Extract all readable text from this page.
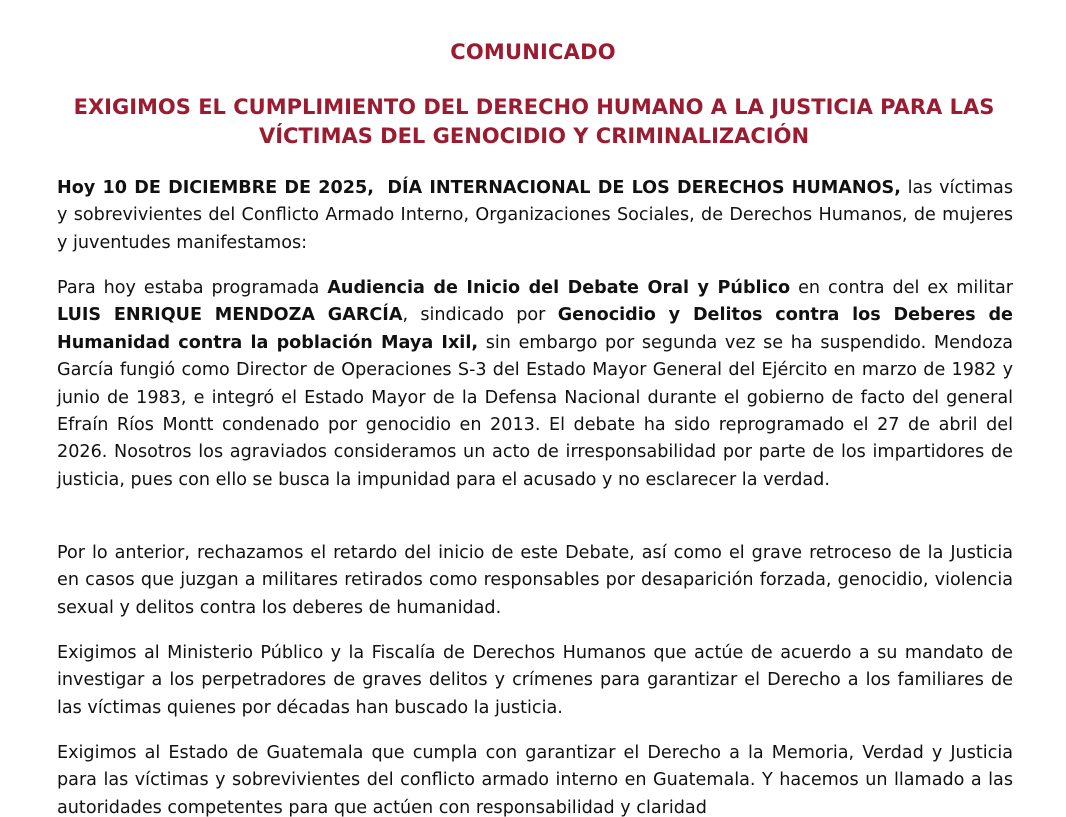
COMUNICADO
EXIGIMOS EL CUMPLIMIENTO DEL DERECHO HUMANO A LA JUSTICIA PARA LAS
VÍCTIMAS DEL GENOCIDIO Y CRIMINALIZACIÓN

Hoy 10 DE DICIEMBRE DE 2025, DÍA INTERNACIONAL DE LOS DERECHOS HUMANOS, las víctimas y sobrevivientes del Conflicto Armado Interno, Organizaciones Sociales, de Derechos Humanos, de mujeres y juventudes manifestamos:

Para hoy estaba programada Audiencia de Inicio del Debate Oral y Público en contra del ex militar LUIS ENRIQUE MENDOZA GARCÍA, sindicado por Genocidio y Delitos contra los Deberes de Humanidad contra la población Maya Ixil, sin embargo por segunda vez se ha suspendido. Mendoza García fungió como Director de Operaciones S-3 del Estado Mayor General del Ejército en marzo de 1982 y junio de 1983, e integró el Estado Mayor de la Defensa Nacional durante el gobierno de facto del general Efraín Ríos Montt condenado por genocidio en 2013. El debate ha sido reprogramado el 27 de abril del 2026. Nosotros los agraviados consideramos un acto de irresponsabilidad por parte de los impartidores de justicia, pues con ello se busca la impunidad para el acusado y no esclarecer la verdad.

Por lo anterior, rechazamos el retardo del inicio de este Debate, así como el grave retroceso de la Justicia en casos que juzgan a militares retirados como responsables por desaparición forzada, genocidio, violencia sexual y delitos contra los deberes de humanidad.

Exigimos al Ministerio Público y la Fiscalía de Derechos Humanos que actúe de acuerdo a su mandato de investigar a los perpetradores de graves delitos y crímenes para garantizar el Derecho a los familiares de las víctimas quienes por décadas han buscado la justicia.

Exigimos al Estado de Guatemala que cumpla con garantizar el Derecho a la Memoria, Verdad y Justicia para las víctimas y sobrevivientes del conflicto armado interno en Guatemala. Y hacemos un llamado a las autoridades competentes para que actúen con responsabilidad y claridad
